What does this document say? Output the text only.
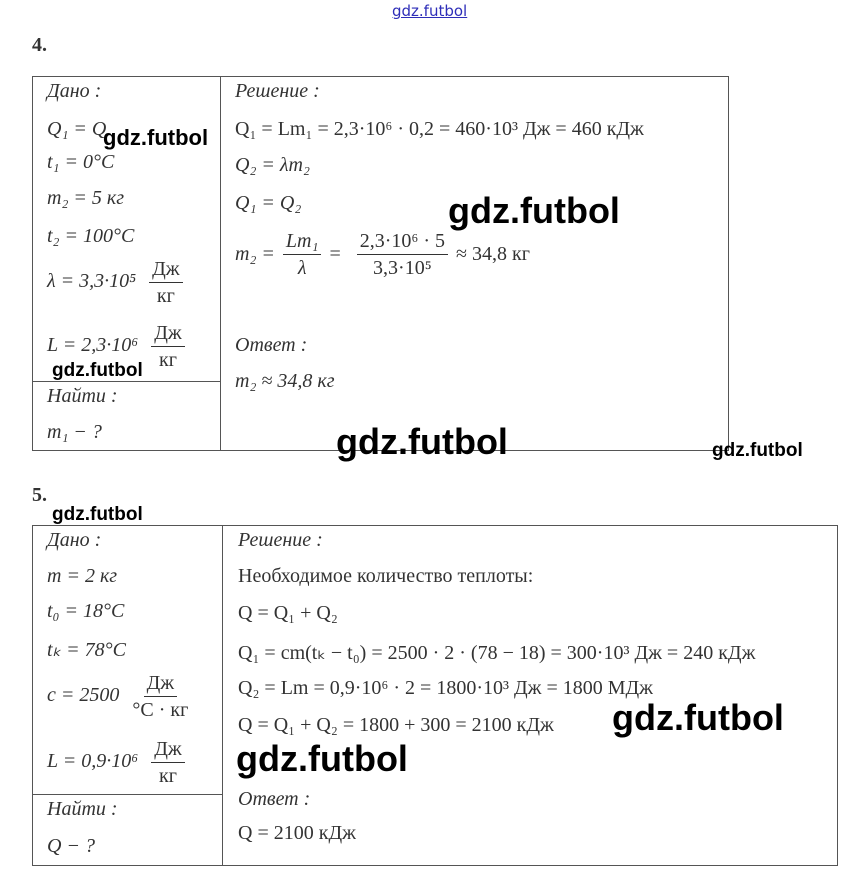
gdz.futbol
4.
Дано :
Q₁ = Q
t₁ = 0°C
m₂ = 5 кг
t₂ = 100°C
$\lambda = 3,3\cdot 10^5 \frac{Дж}{кг}$
$L = 2,3\cdot 10^6 \frac{Дж}{кг}$
Найти :
m₁ − ?
Решение :
Q₁ = Lm₁ = 2,3·10⁶ · 0,2 = 460·10³ Дж = 460 кДж
Q₂ = λm₂
Q₁ = Q₂
$m_2 = \frac{\text{Lm₁}}{\lambda} = \frac{\text{2,3·10⁶ · 5}}{\text{3,3·10⁵}} \approx 34,8$ кг
Ответ :
m₂ ≈ 34,8 кг
5.
Дано :
m = 2 кг
t₀ = 18°C
tₖ = 78°C
$c = 2500 \frac{Дж}{^\circ C \cdot кг}$
$L = 0,9\cdot 10^6 \frac{Дж}{кг}$
Найти :
Q − ?
Решение :
Необходимое количество теплоты:
Q = Q₁ + Q₂
Q₁ = cm(tₖ − t₀) = 2500 · 2 · (78 − 18) = 300·10³ Дж = 240 кДж
Q₂ = Lm = 0,9·10⁶ · 2 = 1800·10³ Дж = 1800 МДж
Q = Q₁ + Q₂ = 1800 + 300 = 2100 кДж
Ответ :
Q = 2100 кДж
gdz.futbol
gdz.futbol
gdz.futbol
gdz.futbol	gdz.futbol
gdz.futbol
gdz.futbol
gdz.futbol
